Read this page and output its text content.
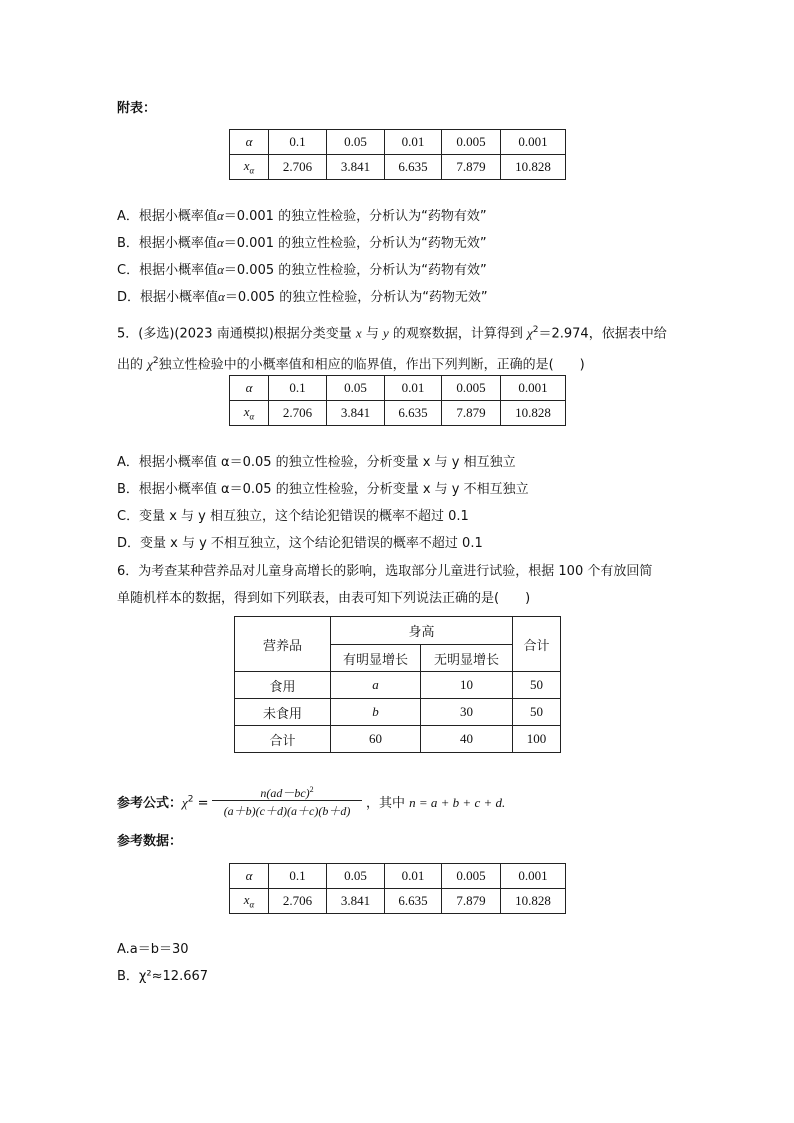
附表：
α	0.1	0.05	0.01	0.005	0.001
$x_\alpha$	2.706	3.841	6.635	7.879	10.828
A．根据小概率值α＝0.001 的独立性检验，分析认为“药物有效”
B．根据小概率值α＝0.001 的独立性检验，分析认为“药物无效”
C．根据小概率值α＝0.005 的独立性检验，分析认为“药物有效”
D．根据小概率值α＝0.005 的独立性检验，分析认为“药物无效”
5．(多选)(2023 南通模拟)根据分类变量 x 与 y 的观察数据，计算得到 $\chi^2=2.974$，依据表中给
出的 $\chi^2$独立性检验中的小概率值和相应的临界值，作出下列判断，正确的是(　　)
α	0.1	0.05	0.01	0.005	0.001
$x_\alpha$	2.706	3.841	6.635	7.879	10.828
A．根据小概率值 α＝0.05 的独立性检验，分析变量 x 与 y 相互独立
B．根据小概率值 α＝0.05 的独立性检验，分析变量 x 与 y 不相互独立
C．变量 x 与 y 相互独立，这个结论犯错误的概率不超过 0.1
D．变量 x 与 y 不相互独立，这个结论犯错误的概率不超过 0.1
6．为考查某种营养品对儿童身高增长的影响，选取部分儿童进行试验，根据 100 个有放回简
单随机样本的数据，得到如下列联表，由表可知下列说法正确的是(　　)
营养品	身高		合计
	有明显增长	无明显增长	
食用	a	10	50
未食用	b	30	50
合计	60	40	100
参考公式：$\chi^2$ =
$n(ad-bc)^2$
(a＋b)(c＋d)(a＋c)(b＋d)	，其中 n = a + b + c + d.
参考数据：
α	0.1	0.05	0.01	0.005	0.001
$x_\alpha$	2.706	3.841	6.635	7.879	10.828
A.a＝b＝30
B．χ²≈12.667
